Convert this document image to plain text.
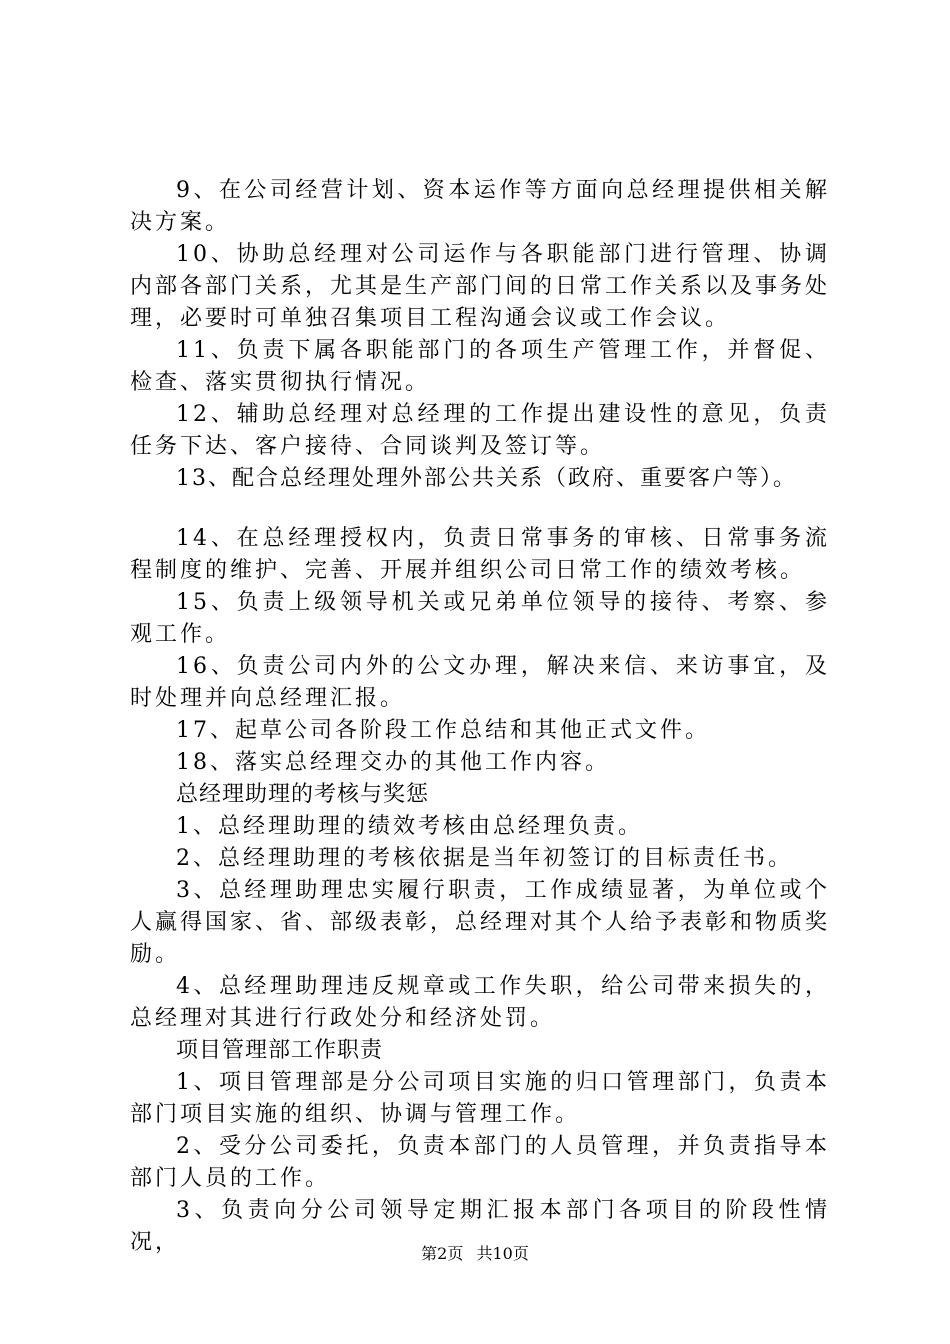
9、在公司经营计划、资本运作等方面向总经理提供相关解决方案。

10、协助总经理对公司运作与各职能部门进行管理、协调内部各部门关系，尤其是生产部门间的日常工作关系以及事务处理，必要时可单独召集项目工程沟通会议或工作会议。

11、负责下属各职能部门的各项生产管理工作，并督促、检查、落实贯彻执行情况。

12、辅助总经理对总经理的工作提出建设性的意见，负责任务下达、客户接待、合同谈判及签订等。

13、配合总经理处理外部公共关系（政府、重要客户等）。

14、在总经理授权内，负责日常事务的审核、日常事务流程制度的维护、完善、开展并组织公司日常工作的绩效考核。

15、负责上级领导机关或兄弟单位领导的接待、考察、参观工作。

16、负责公司内外的公文办理，解决来信、来访事宜，及时处理并向总经理汇报。

17、起草公司各阶段工作总结和其他正式文件。

18、落实总经理交办的其他工作内容。

总经理助理的考核与奖惩

1、总经理助理的绩效考核由总经理负责。

2、总经理助理的考核依据是当年初签订的目标责任书。

3、总经理助理忠实履行职责，工作成绩显著，为单位或个人赢得国家、省、部级表彰，总经理对其个人给予表彰和物质奖励。

4、总经理助理违反规章或工作失职，给公司带来损失的，总经理对其进行行政处分和经济处罚。

项目管理部工作职责

1、项目管理部是分公司项目实施的归口管理部门，负责本部门项目实施的组织、协调与管理工作。

2、受分公司委托，负责本部门的人员管理，并负责指导本部门人员的工作。

3、负责向分公司领导定期汇报本部门各项目的阶段性情况，	第2页 共10页
